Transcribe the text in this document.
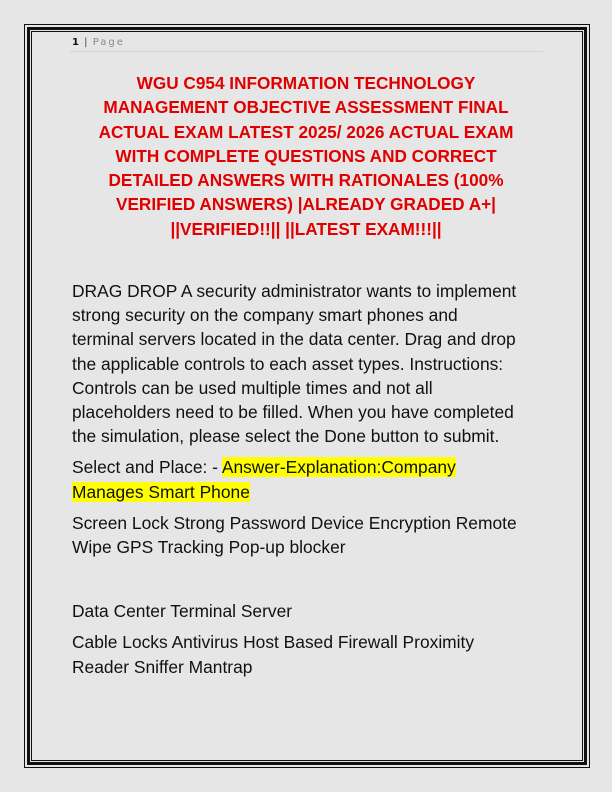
1 | Page
WGU C954 INFORMATION TECHNOLOGY
MANAGEMENT OBJECTIVE ASSESSMENT FINAL
ACTUAL EXAM LATEST 2025/ 2026 ACTUAL EXAM
WITH COMPLETE QUESTIONS AND CORRECT
DETAILED ANSWERS WITH RATIONALES (100%
VERIFIED ANSWERS) |ALREADY GRADED A+|
||VERIFIED!!|| ||LATEST EXAM!!!||

DRAG DROP A security administrator wants to implement
strong security on the company smart phones and
terminal servers located in the data center. Drag and drop
the applicable controls to each asset types. Instructions:
Controls can be used multiple times and not all
placeholders need to be filled. When you have completed
the simulation, please select the Done button to submit.

Select and Place: - Answer-Explanation:Company
Manages Smart Phone

Screen Lock Strong Password Device Encryption Remote
Wipe GPS Tracking Pop-up blocker

Data Center Terminal Server

Cable Locks Antivirus Host Based Firewall Proximity
Reader Sniffer Mantrap
